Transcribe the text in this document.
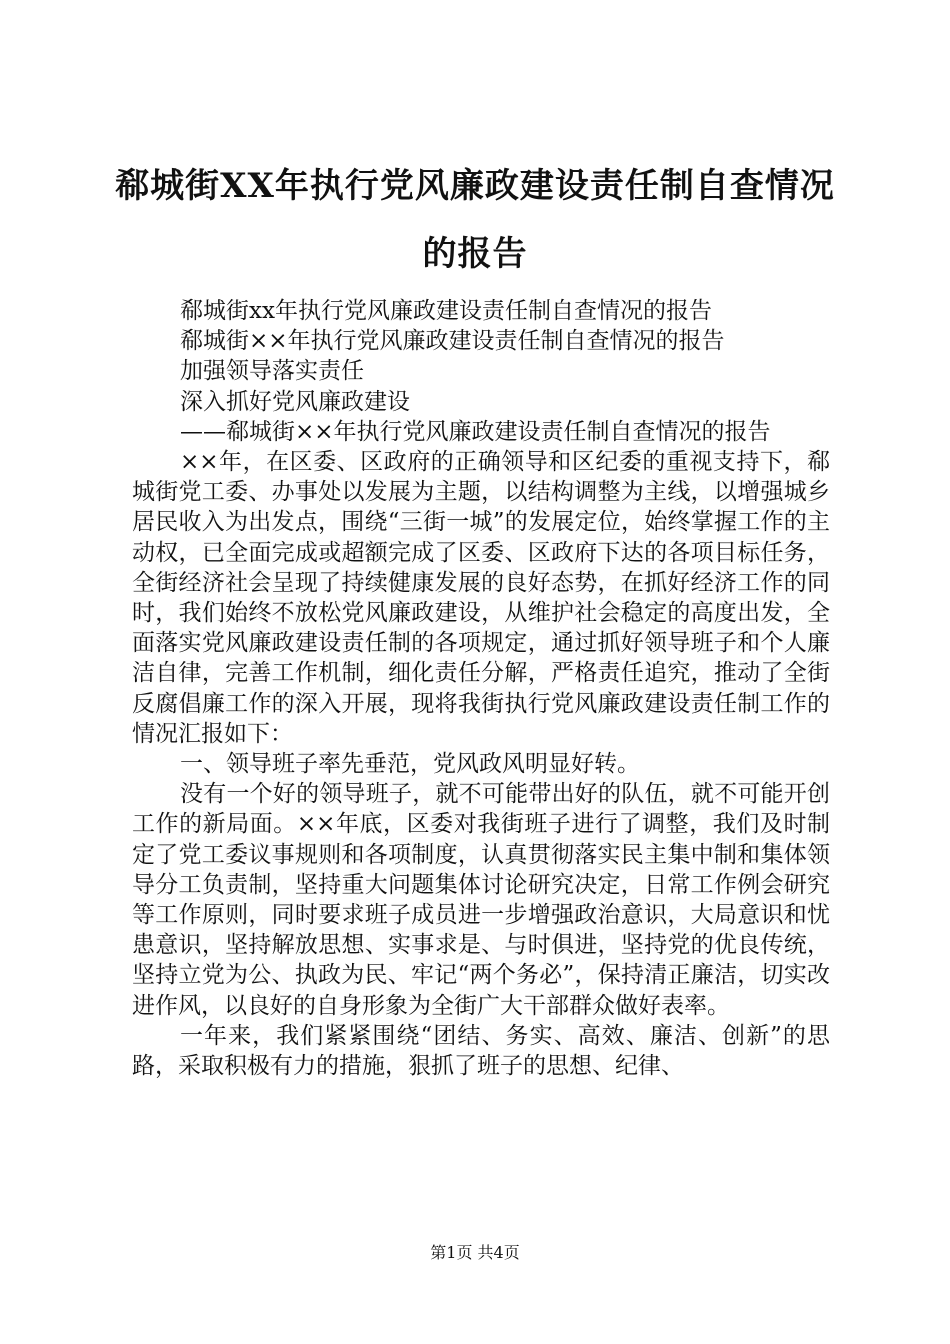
郗城街XX年执行党风廉政建设责任制自查情况的报告

郗城街xx年执行党风廉政建设责任制自查情况的报告

郗城街××年执行党风廉政建设责任制自查情况的报告

加强领导落实责任

深入抓好党风廉政建设

——郗城街××年执行党风廉政建设责任制自查情况的报告

××年，在区委、区政府的正确领导和区纪委的重视支持下，郗城街党工委、办事处以发展为主题，以结构调整为主线，以增强城乡居民收入为出发点，围绕“三街一城”的发展定位，始终掌握工作的主动权，已全面完成或超额完成了区委、区政府下达的各项目标任务，全街经济社会呈现了持续健康发展的良好态势，在抓好经济工作的同时，我们始终不放松党风廉政建设，从维护社会稳定的高度出发，全面落实党风廉政建设责任制的各项规定，通过抓好领导班子和个人廉洁自律，完善工作机制，细化责任分解，严格责任追究，推动了全街反腐倡廉工作的深入开展，现将我街执行党风廉政建设责任制工作的情况汇报如下：

一、领导班子率先垂范，党风政风明显好转。

没有一个好的领导班子，就不可能带出好的队伍，就不可能开创工作的新局面。××年底，区委对我街班子进行了调整，我们及时制定了党工委议事规则和各项制度，认真贯彻落实民主集中制和集体领导分工负责制，坚持重大问题集体讨论研究决定，日常工作例会研究等工作原则，同时要求班子成员进一步增强政治意识，大局意识和忧患意识，坚持解放思想、实事求是、与时俱进，坚持党的优良传统，坚持立党为公、执政为民、牢记“两个务必”，保持清正廉洁，切实改进作风，以良好的自身形象为全街广大干部群众做好表率。

一年来，我们紧紧围绕“团结、务实、高效、廉洁、创新”的思路，采取积极有力的措施，狠抓了班子的思想、纪律、

第1页 共4页
